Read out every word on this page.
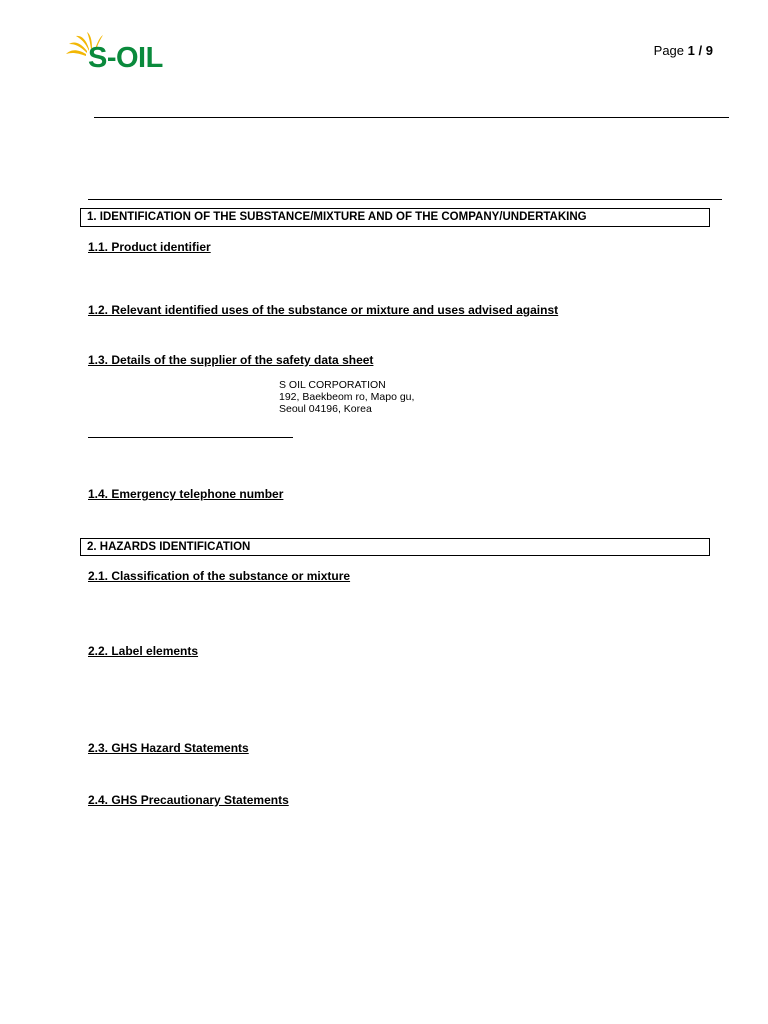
S-OIL	Page 1 / 9
1. IDENTIFICATION OF THE SUBSTANCE/MIXTURE AND OF THE COMPANY/UNDERTAKING
1.1. Product identifier
1.2. Relevant identified uses of the substance or mixture and uses advised against
1.3. Details of the supplier of the safety data sheet
S OIL CORPORATION
192, Baekbeom ro, Mapo gu,
Seoul 04196, Korea
1.4. Emergency telephone number
2. HAZARDS IDENTIFICATION
2.1. Classification of the substance or mixture
2.2. Label elements
2.3. GHS Hazard Statements
2.4. GHS Precautionary Statements
